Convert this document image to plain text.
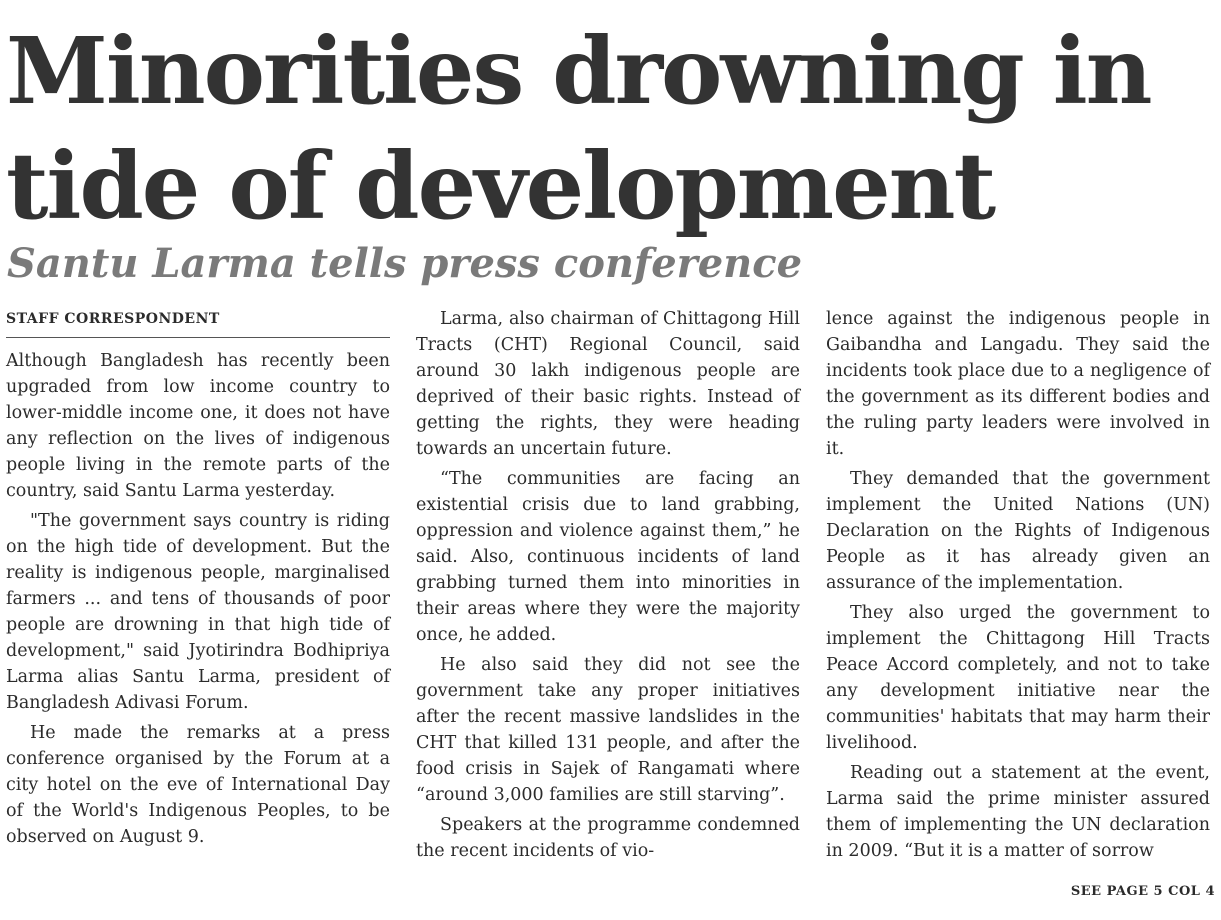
Minorities drowning in tide of development
Santu Larma tells press conference
STAFF CORRESPONDENT

Although Bangladesh has recently been upgraded from low income country to lower-middle income one, it does not have any reflection on the lives of indigenous people living in the remote parts of the country, said Santu Larma yesterday.

"The government says country is riding on the high tide of development. But the reality is indigenous people, marginalised farmers ... and tens of thousands of poor people are drowning in that high tide of development," said Jyotirindra Bodhipriya Larma alias Santu Larma, president of Bangladesh Adivasi Forum.

He made the remarks at a press conference organised by the Forum at a city hotel on the eve of International Day of the World's Indigenous Peoples, to be observed on August 9.

Larma, also chairman of Chittagong Hill Tracts (CHT) Regional Council, said around 30 lakh indigenous people are deprived of their basic rights. Instead of getting the rights, they were heading towards an uncertain future.

“The communities are facing an existential crisis due to land grabbing, oppression and violence against them,” he said. Also, continuous incidents of land grabbing turned them into minorities in their areas where they were the majority once, he added.

He also said they did not see the government take any proper initiatives after the recent massive landslides in the CHT that killed 131 people, and after the food crisis in Sajek of Rangamati where “around 3,000 families are still starving”.

Speakers at the programme condemned the recent incidents of vio-

lence against the indigenous people in Gaibandha and Langadu. They said the incidents took place due to a negligence of the government as its different bodies and the ruling party leaders were involved in it.

They demanded that the government implement the United Nations (UN) Declaration on the Rights of Indigenous People as it has already given an assurance of the implementation.

They also urged the government to implement the Chittagong Hill Tracts Peace Accord completely, and not to take any development initiative near the communities' habitats that may harm their livelihood.

Reading out a statement at the event, Larma said the prime minister assured them of implementing the UN declaration in 2009. “But it is a matter of sorrow

SEE PAGE 5 COL 4
